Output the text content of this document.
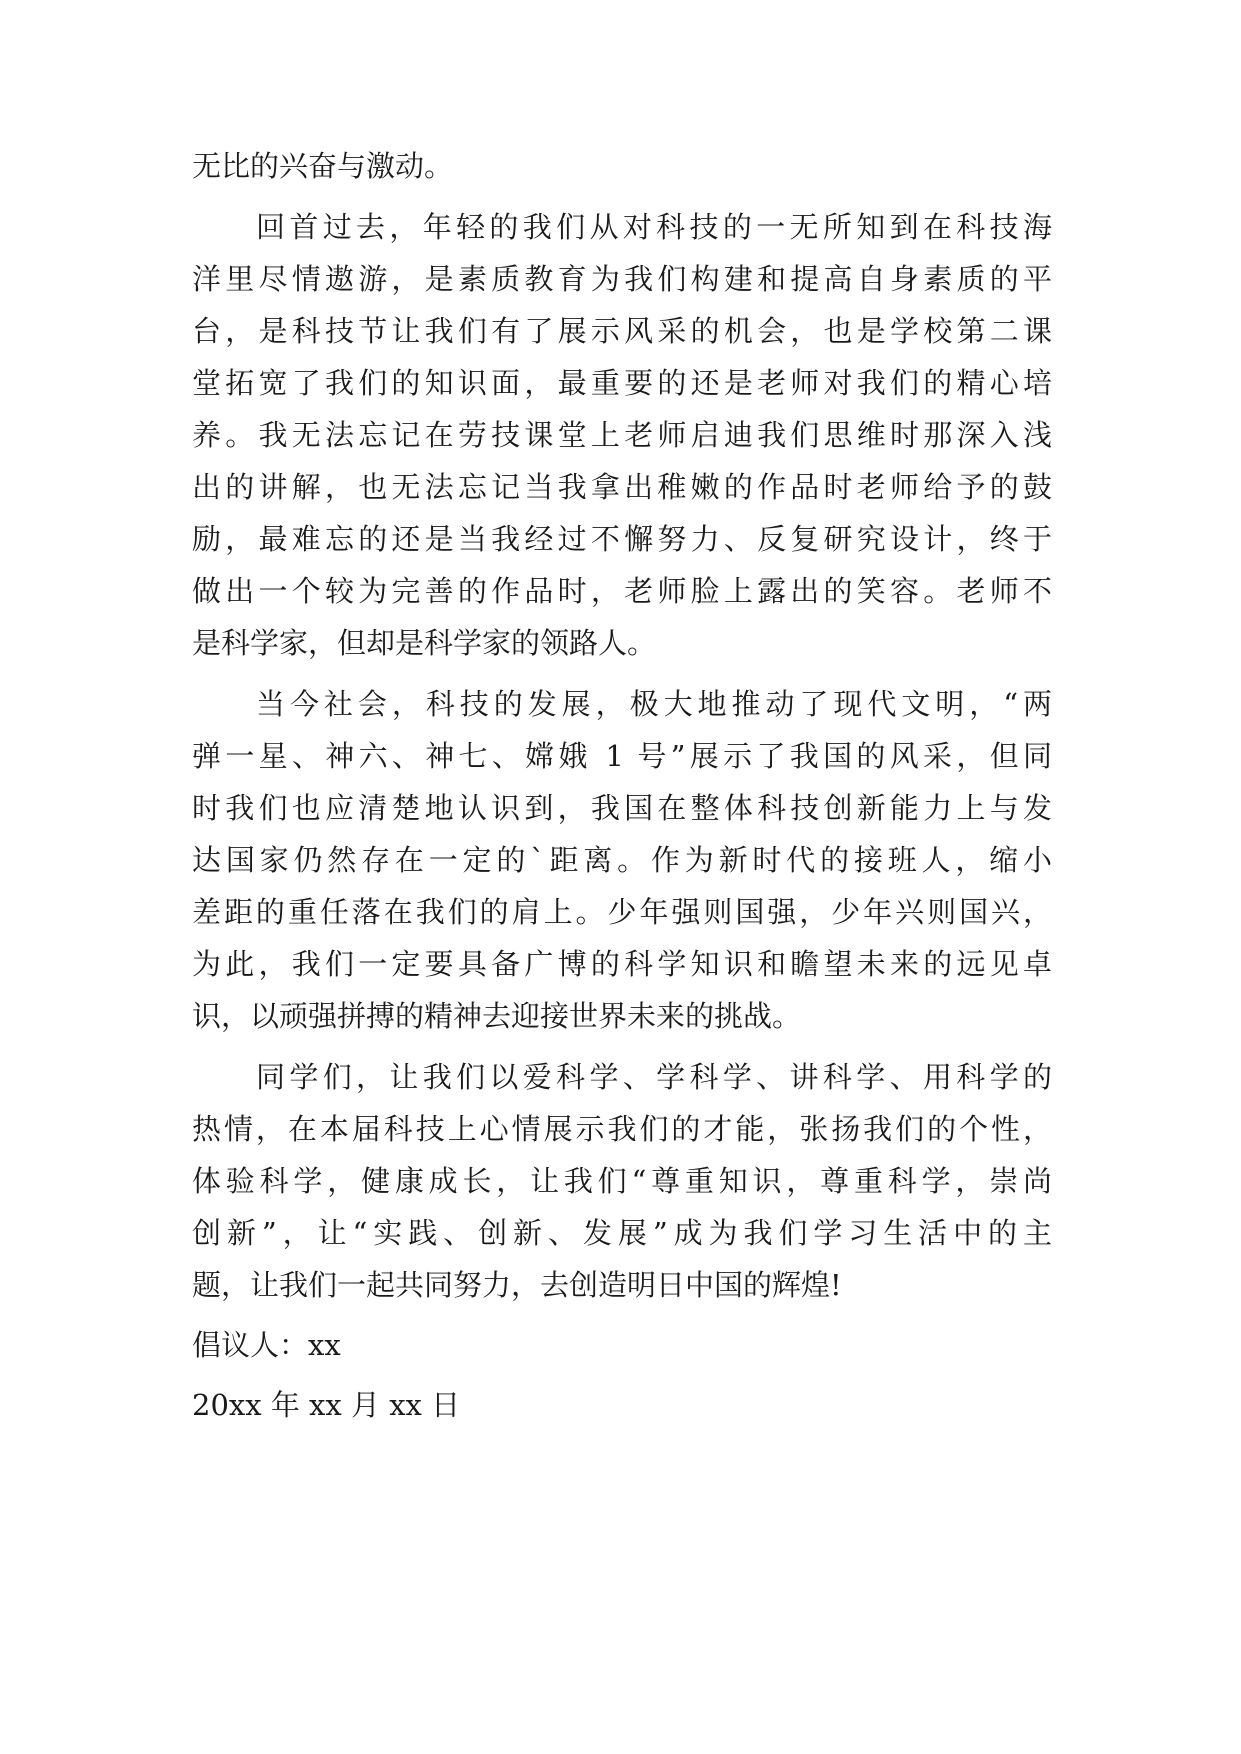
无比的兴奋与激动。
回首过去，年轻的我们从对科技的一无所知到在科技海
洋里尽情遨游，是素质教育为我们构建和提高自身素质的平
台，是科技节让我们有了展示风采的机会，也是学校第二课
堂拓宽了我们的知识面，最重要的还是老师对我们的精心培
养。我无法忘记在劳技课堂上老师启迪我们思维时那深入浅
出的讲解，也无法忘记当我拿出稚嫩的作品时老师给予的鼓
励，最难忘的还是当我经过不懈努力、反复研究设计，终于
做出一个较为完善的作品时，老师脸上露出的笑容。老师不
是科学家，但却是科学家的领路人。
当今社会，科技的发展，极大地推动了现代文明，“两
弹一星、神六、神七、嫦娥 1 号”展示了我国的风采，但同
时我们也应清楚地认识到，我国在整体科技创新能力上与发
达国家仍然存在一定的`距离。作为新时代的接班人，缩小
差距的重任落在我们的肩上。少年强则国强，少年兴则国兴，
为此，我们一定要具备广博的科学知识和瞻望未来的远见卓
识，以顽强拼搏的精神去迎接世界未来的挑战。
同学们，让我们以爱科学、学科学、讲科学、用科学的
热情，在本届科技上心情展示我们的才能，张扬我们的个性，
体验科学，健康成长，让我们“尊重知识，尊重科学，崇尚
创新”，让“实践、创新、发展”成为我们学习生活中的主
题，让我们一起共同努力，去创造明日中国的辉煌!
倡议人：xx
20xx 年 xx 月 xx 日
